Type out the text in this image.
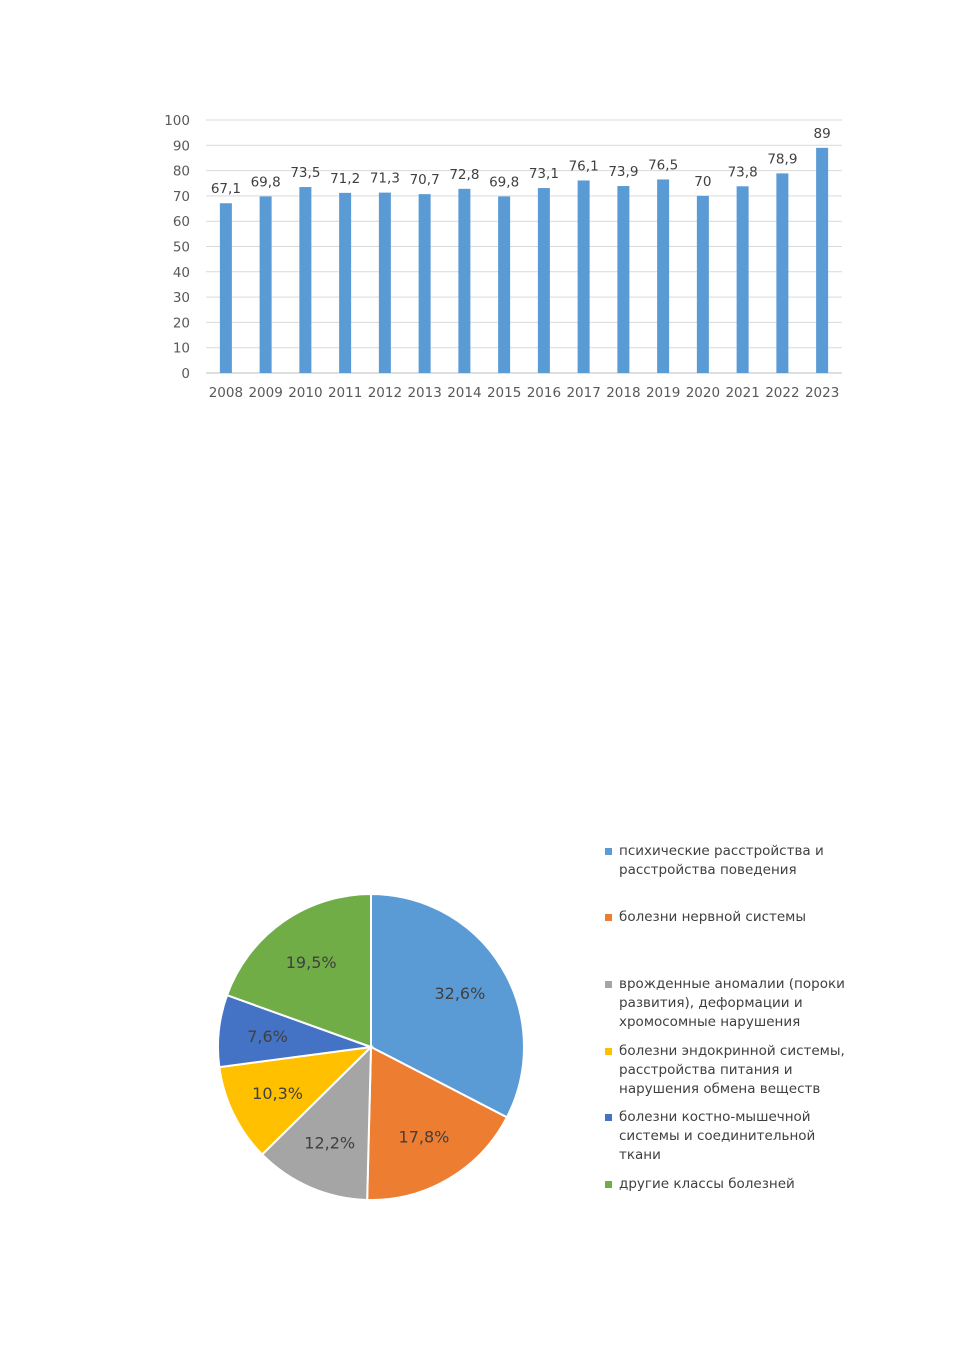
0
10
20
30
40
50
60
70
80
90
100
67,1
2008
69,8
2009
73,5
2010
71,2
2011
71,3
2012
70,7
2013
72,8
2014
69,8
2015
73,1
2016
76,1
2017
73,9
2018
76,5
2019
70
2020
73,8
2021
78,9
2022
89
2023
32,6%
17,8%
12,2%
10,3%
7,6%
19,5%
психические расстройства и расстройства поведения
болезни нервной системы
врожденные аномалии (пороки развития), деформации и хромосомные нарушения
болезни эндокринной системы, расстройства питания и нарушения обмена веществ
болезни костно-мышечной системы и соединительной ткани
другие классы болезней
